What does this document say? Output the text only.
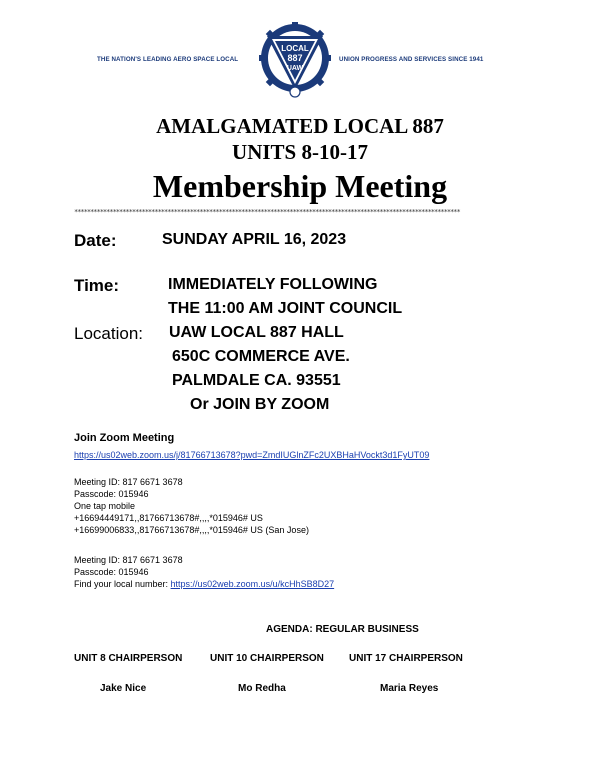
THE NATION'S LEADING AERO SPACE LOCAL
LOCAL
887
UAW
UNION PROGRESS AND SERVICES SINCE 1941
AMALGAMATED LOCAL 887
UNITS 8-10-17
Membership Meeting
************************************************************************************************************************
Date:	SUNDAY APRIL 16, 2023
Time:	IMMEDIATELY FOLLOWING
THE 11:00 AM JOINT COUNCIL
Location: UAW LOCAL 887 HALL
650C COMMERCE AVE.
PALMDALE CA. 93551
Or JOIN BY ZOOM
Join Zoom Meeting
https://us02web.zoom.us/j/81766713678?pwd=ZmdIUGlnZFc2UXBHaHVockt3d1FyUT09
Meeting ID: 817 6671 3678
Passcode: 015946
One tap mobile
+16694449171,,81766713678#,,,,*015946# US
+16699006833,,81766713678#,,,,*015946# US (San Jose)
Meeting ID: 817 6671 3678
Passcode: 015946
Find your local number: https://us02web.zoom.us/u/kcHhSB8D27
AGENDA: REGULAR BUSINESS
UNIT 8 CHAIRPERSON	UNIT 10 CHAIRPERSON	UNIT 17 CHAIRPERSON
Jake Nice	Mo Redha	Maria Reyes
